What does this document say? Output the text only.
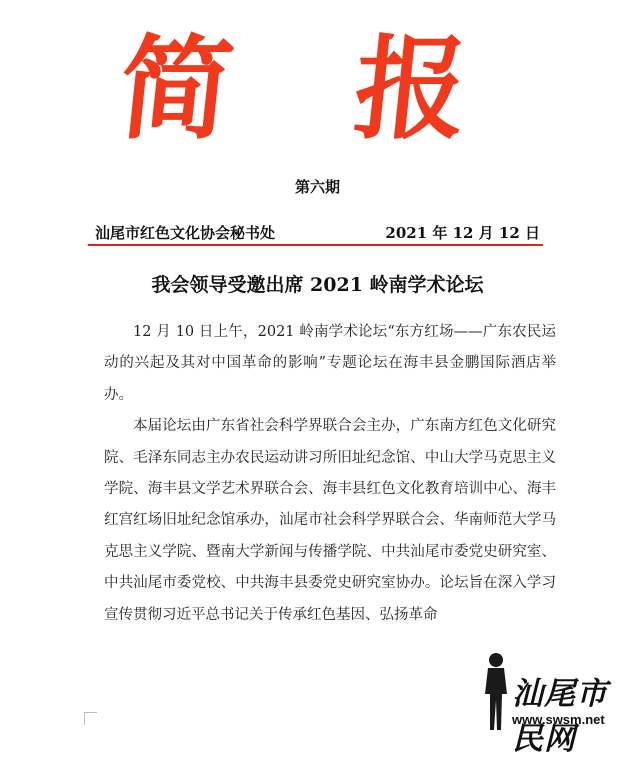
简 报
第六期
汕尾市红色文化协会秘书处	2021 年 12 月 12 日
我会领导受邀出席 2021 岭南学术论坛

12 月 10 日上午，2021 岭南学术论坛“东方红场——广东农民运动的兴起及其对中国革命的影响”专题论坛在海丰县金鹏国际酒店举办。

本届论坛由广东省社会科学界联合会主办，广东南方红色文化研究院、毛泽东同志主办农民运动讲习所旧址纪念馆、中山大学马克思主义学院、海丰县文学艺术界联合会、海丰县红色文化教育培训中心、海丰红宫红场旧址纪念馆承办，汕尾市社会科学界联合会、华南师范大学马克思主义学院、暨南大学新闻与传播学院、中共汕尾市委党史研究室、中共汕尾市委党校、中共海丰县委党史研究室协办。论坛旨在深入学习宣传贯彻习近平总书记关于传承红色基因、弘扬革命

汕尾市民网
www.swsm.net
